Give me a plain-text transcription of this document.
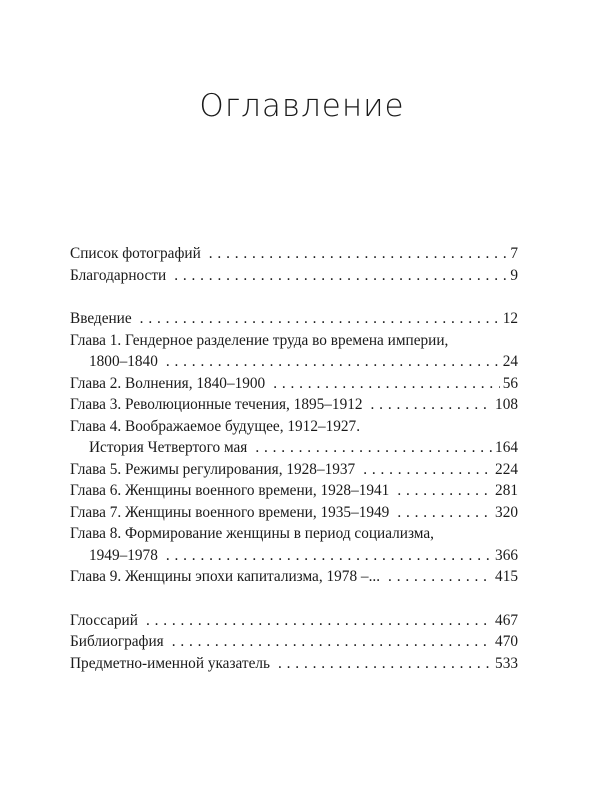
Оглавление
Список фотографий . . .	7
Благодарности . . .	9
Введение . . .	12
Глава 1. Гендерное разделение труда во времена империи,
1800–1840 . . .	24
Глава 2. Волнения, 1840–1900 . . .	56
Глава 3. Революционные течения, 1895–1912 . . .	108
Глава 4. Воображаемое будущее, 1912–1927.
История Четвертого мая . . .	164
Глава 5. Режимы регулирования, 1928–1937 . . .	224
Глава 6. Женщины военного времени, 1928–1941 . . .	281
Глава 7. Женщины военного времени, 1935–1949 . . .	320
Глава 8. Формирование женщины в период социализма,
1949–1978 . . .	366
Глава 9. Женщины эпохи капитализма, 1978 –... . . .	415
Глоссарий . . .	467
Библиография . . .	470
Предметно-именной указатель . . .	533
